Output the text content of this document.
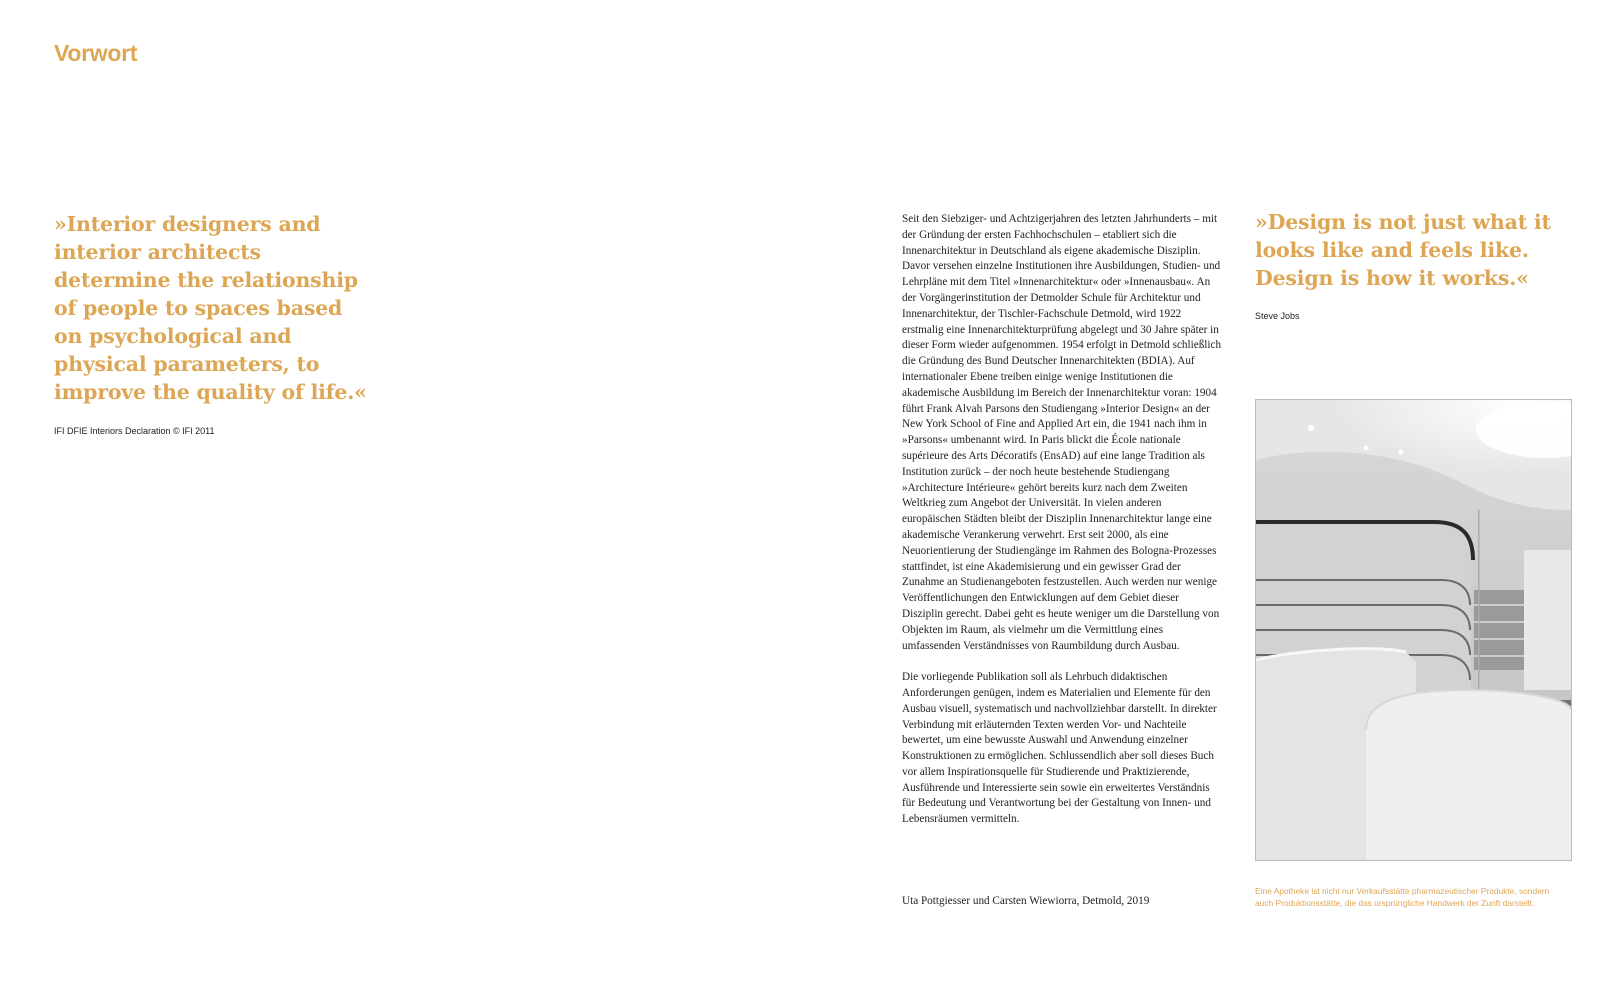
Vorwort
»Interior designers and interior architects determine the relationship of people to spaces based on psychological and physical parameters, to improve the quality of life.«
IFI DFIE Interiors Declaration © IFI 2011

Seit den Siebziger- und Achtzigerjahren des letzten Jahrhunderts – mit der Gründung der ersten Fachhochschulen – etabliert sich die Innenarchitektur in Deutschland als eigene akademische Disziplin. Davor versehen einzelne Institutionen ihre Ausbildungen, Studien- und Lehrpläne mit dem Titel »Innenarchitektur« oder »Innenausbau«. An der Vorgängerinstitution der Detmolder Schule für Architektur und Innenarchitektur, der Tischler-Fachschule Detmold, wird 1922 erstmalig eine Innenarchitekturprüfung abgelegt und 30 Jahre später in dieser Form wieder aufgenommen. 1954 erfolgt in Detmold schließlich die Gründung des Bund Deutscher Innenarchitekten (BDIA). Auf internationaler Ebene treiben einige wenige Institutionen die akademische Ausbildung im Bereich der Innenarchitektur voran: 1904 führt Frank Alvah Parsons den Studiengang »Interior Design« an der New York School of Fine and Applied Art ein, die 1941 nach ihm in »Parsons« umbenannt wird. In Paris blickt die École nationale supérieure des Arts Décoratifs (EnsAD) auf eine lange Tradition als Institution zurück – der noch heute bestehende Studiengang »Architecture Intérieure« gehört bereits kurz nach dem Zweiten Weltkrieg zum Angebot der Universität. In vielen anderen europäischen Städten bleibt der Disziplin Innenarchitektur lange eine akademische Verankerung verwehrt. Erst seit 2000, als eine Neuorientierung der Studiengänge im Rahmen des Bologna-Prozesses stattfindet, ist eine Akademisierung und ein gewisser Grad der Zunahme an Studienangeboten festzustellen. Auch werden nur wenige Veröffentlichungen den Entwicklungen auf dem Gebiet dieser Disziplin gerecht. Dabei geht es heute weniger um die Darstellung von Objekten im Raum, als vielmehr um die Vermittlung eines umfassenden Verständnisses von Raumbildung durch Ausbau.

Die vorliegende Publikation soll als Lehrbuch didaktischen Anforderungen genügen, indem es Materialien und Elemente für den Ausbau visuell, systematisch und nachvollziehbar darstellt. In direkter Verbindung mit erläuternden Texten werden Vor- und Nachteile bewertet, um eine bewusste Auswahl und Anwendung einzelner Konstruktionen zu ermöglichen. Schlussendlich aber soll dieses Buch vor allem Inspirationsquelle für Studierende und Praktizierende, Ausführende und Interessierte sein sowie ein erweitertes Verständnis für Bedeutung und Verantwortung bei der Gestaltung von Innen- und Lebensräumen vermitteln.

Uta Pottgiesser und Carsten Wiewiorra, Detmold, 2019
»Design is not just what it looks like and feels like. Design is how it works.«
Steve Jobs
Eine Apotheke ist nicht nur Verkaufsstätte pharmazeutischer Produkte, sondern auch Produktionsstätte, die das ursprüngliche Handwerk der Zunft darstellt.
